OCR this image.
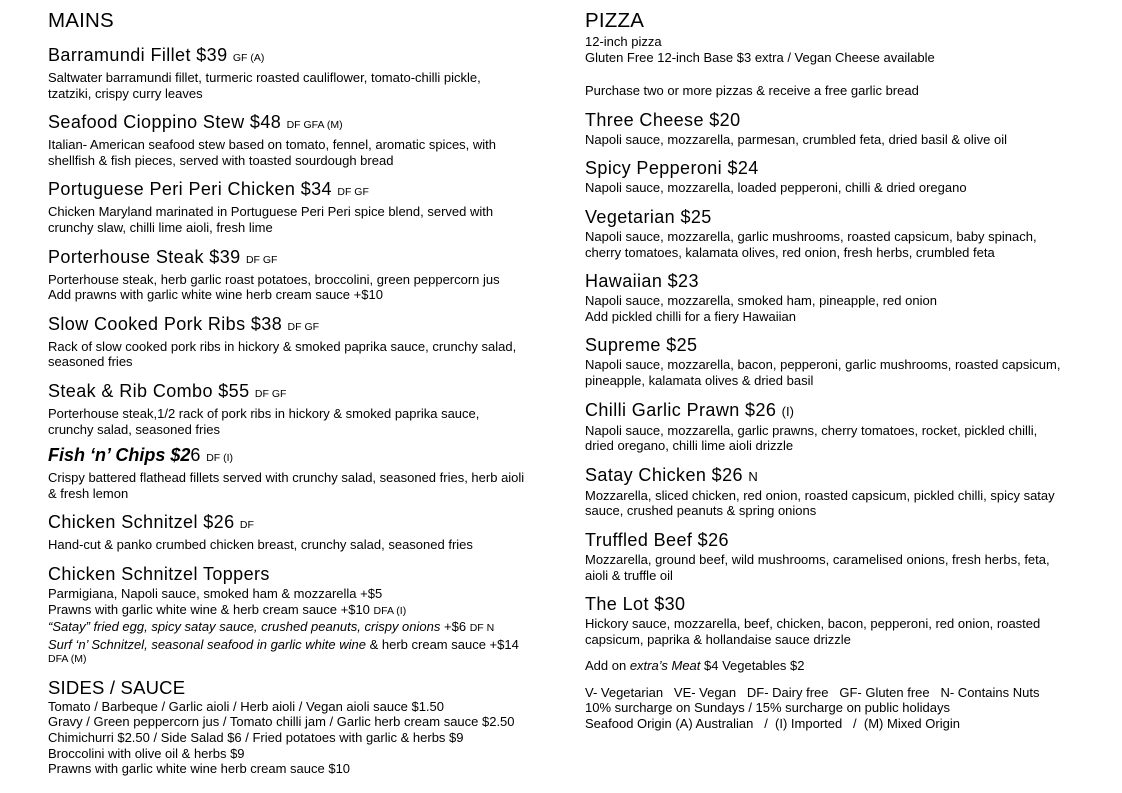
MAINS
Barramundi Fillet $39 GF (A)
Saltwater barramundi fillet, turmeric roasted cauliflower, tomato-chilli pickle,
tzatziki, crispy curry leaves
Seafood Cioppino Stew $48 DF GFA (M)
Italian- American seafood stew based on tomato, fennel, aromatic spices, with
shellfish & fish pieces, served with toasted sourdough bread
Portuguese Peri Peri Chicken $34 DF GF
Chicken Maryland marinated in Portuguese Peri Peri spice blend, served with
crunchy slaw, chilli lime aioli, fresh lime
Porterhouse Steak $39 DF GF
Porterhouse steak, herb garlic roast potatoes, broccolini, green peppercorn jus
Add prawns with garlic white wine herb cream sauce +$10
Slow Cooked Pork Ribs $38 DF GF
Rack of slow cooked pork ribs in hickory & smoked paprika sauce, crunchy salad,
seasoned fries
Steak & Rib Combo $55 DF GF
Porterhouse steak,1/2 rack of pork ribs in hickory & smoked paprika sauce,
crunchy salad, seasoned fries
Fish ‘n’ Chips $26 DF (I)
Crispy battered flathead fillets served with crunchy salad, seasoned fries, herb aioli
& fresh lemon
Chicken Schnitzel $26 DF
Hand-cut & panko crumbed chicken breast, crunchy salad, seasoned fries
Chicken Schnitzel Toppers
Parmigiana, Napoli sauce, smoked ham & mozzarella +$5
Prawns with garlic white wine & herb cream sauce +$10 DFA (I)
“Satay” fried egg, spicy satay sauce, crushed peanuts, crispy onions +$6 DF N
Surf ‘n’ Schnitzel, seasonal seafood in garlic white wine & herb cream sauce +$14
DFA (M)
SIDES / SAUCE
Tomato / Barbeque / Garlic aioli / Herb aioli / Vegan aioli sauce $1.50
Gravy / Green peppercorn jus / Tomato chilli jam / Garlic herb cream sauce $2.50
Chimichurri $2.50 / Side Salad $6 / Fried potatoes with garlic & herbs $9
Broccolini with olive oil & herbs $9
Prawns with garlic white wine herb cream sauce $10
PIZZA
12-inch pizza
Gluten Free 12-inch Base $3 extra / Vegan Cheese available
Purchase two or more pizzas & receive a free garlic bread
Three Cheese $20
Napoli sauce, mozzarella, parmesan, crumbled feta, dried basil & olive oil
Spicy Pepperoni $24
Napoli sauce, mozzarella, loaded pepperoni, chilli & dried oregano
Vegetarian $25
Napoli sauce, mozzarella, garlic mushrooms, roasted capsicum, baby spinach,
cherry tomatoes, kalamata olives, red onion, fresh herbs, crumbled feta
Hawaiian $23
Napoli sauce, mozzarella, smoked ham, pineapple, red onion
Add pickled chilli for a fiery Hawaiian
Supreme $25
Napoli sauce, mozzarella, bacon, pepperoni, garlic mushrooms, roasted capsicum,
pineapple, kalamata olives & dried basil
Chilli Garlic Prawn $26 (I)
Napoli sauce, mozzarella, garlic prawns, cherry tomatoes, rocket, pickled chilli,
dried oregano, chilli lime aioli drizzle
Satay Chicken $26 N
Mozzarella, sliced chicken, red onion, roasted capsicum, pickled chilli, spicy satay
sauce, crushed peanuts & spring onions
Truffled Beef $26
Mozzarella, ground beef, wild mushrooms, caramelised onions, fresh herbs, feta,
aioli & truffle oil
The Lot $30
Hickory sauce, mozzarella, beef, chicken, bacon, pepperoni, red onion, roasted
capsicum, paprika & hollandaise sauce drizzle
Add on extra’s Meat $4 Vegetables $2
V- Vegetarian   VE- Vegan   DF- Dairy free   GF- Gluten free   N- Contains Nuts
10% surcharge on Sundays / 15% surcharge on public holidays
Seafood Origin (A) Australian   /  (I) Imported   /  (M) Mixed Origin
